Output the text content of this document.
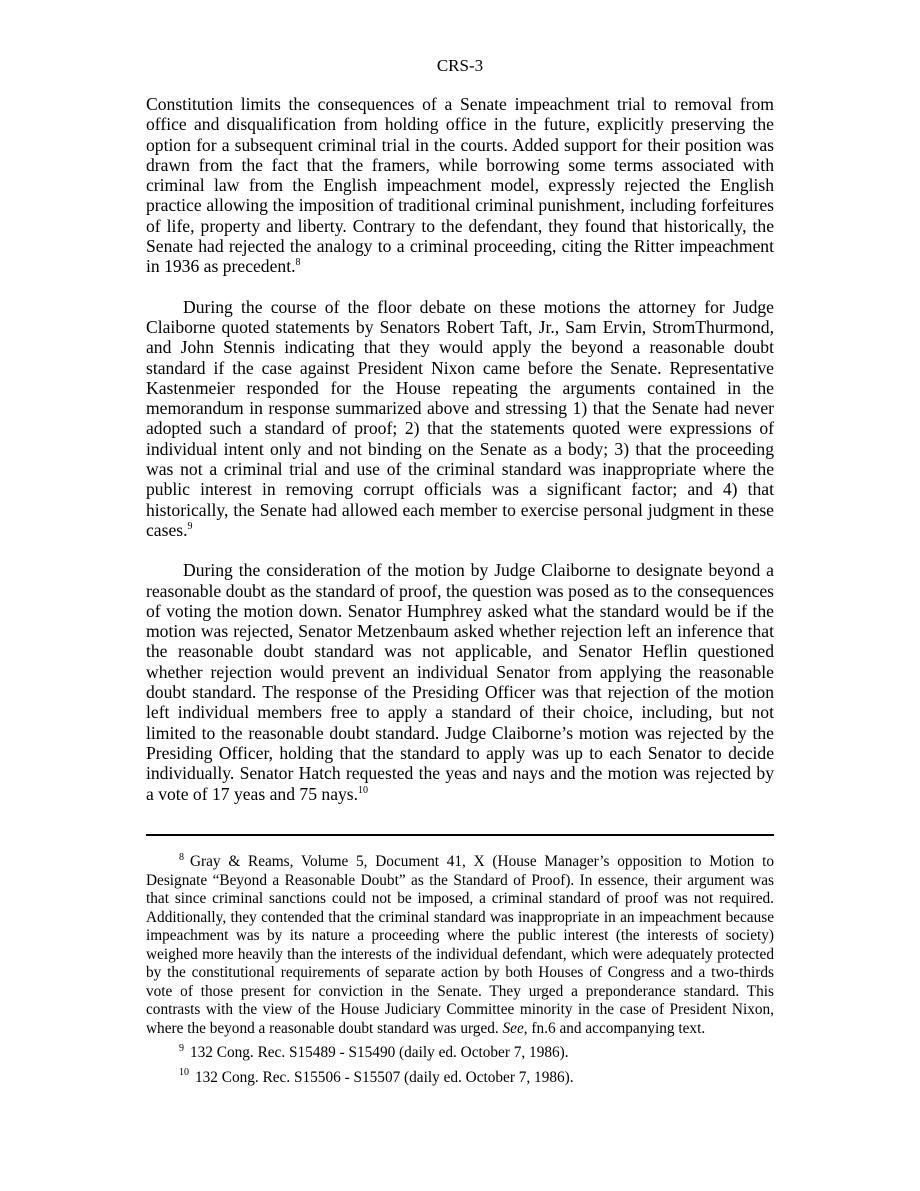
CRS-3

Constitution limits the consequences of a Senate impeachment trial to removal from office and disqualification from holding office in the future, explicitly preserving the option for a subsequent criminal trial in the courts. Added support for their position was drawn from the fact that the framers, while borrowing some terms associated with criminal law from the English impeachment model, expressly rejected the English practice allowing the imposition of traditional criminal punishment, including forfeitures of life, property and liberty. Contrary to the defendant, they found that historically, the Senate had rejected the analogy to a criminal proceeding, citing the Ritter impeachment in 1936 as precedent.$^8$

During the course of the floor debate on these motions the attorney for Judge Claiborne quoted statements by Senators Robert Taft, Jr., Sam Ervin, StromThurmond, and John Stennis indicating that they would apply the beyond a reasonable doubt standard if the case against President Nixon came before the Senate. Representative Kastenmeier responded for the House repeating the arguments contained in the memorandum in response summarized above and stressing 1) that the Senate had never adopted such a standard of proof; 2) that the statements quoted were expressions of individual intent only and not binding on the Senate as a body; 3) that the proceeding was not a criminal trial and use of the criminal standard was inappropriate where the public interest in removing corrupt officials was a significant factor; and 4) that historically, the Senate had allowed each member to exercise personal judgment in these cases.$^9$

During the consideration of the motion by Judge Claiborne to designate beyond a reasonable doubt as the standard of proof, the question was posed as to the consequences of voting the motion down. Senator Humphrey asked what the standard would be if the motion was rejected, Senator Metzenbaum asked whether rejection left an inference that the reasonable doubt standard was not applicable, and Senator Heflin questioned whether rejection would prevent an individual Senator from applying the reasonable doubt standard. The response of the Presiding Officer was that rejection of the motion left individual members free to apply a standard of their choice, including, but not limited to the reasonable doubt standard. Judge Claiborne’s motion was rejected by the Presiding Officer, holding that the standard to apply was up to each Senator to decide individually. Senator Hatch requested the yeas and nays and the motion was rejected by a vote of 17 yeas and 75 nays.$^{10}$

$^8$ Gray & Reams, Volume 5, Document 41, X (House Manager’s opposition to Motion to Designate “Beyond a Reasonable Doubt” as the Standard of Proof). In essence, their argument was that since criminal sanctions could not be imposed, a criminal standard of proof was not required. Additionally, they contended that the criminal standard was inappropriate in an impeachment because impeachment was by its nature a proceeding where the public interest (the interests of society) weighed more heavily than the interests of the individual defendant, which were adequately protected by the constitutional requirements of separate action by both Houses of Congress and a two-thirds vote of those present for conviction in the Senate. They urged a preponderance standard. This contrasts with the view of the House Judiciary Committee minority in the case of President Nixon, where the beyond a reasonable doubt standard was urged. See, fn.6 and accompanying text.

$^9$ 132 Cong. Rec. S15489 - S15490 (daily ed. October 7, 1986).

$^{10}$ 132 Cong. Rec. S15506 - S15507 (daily ed. October 7, 1986).
